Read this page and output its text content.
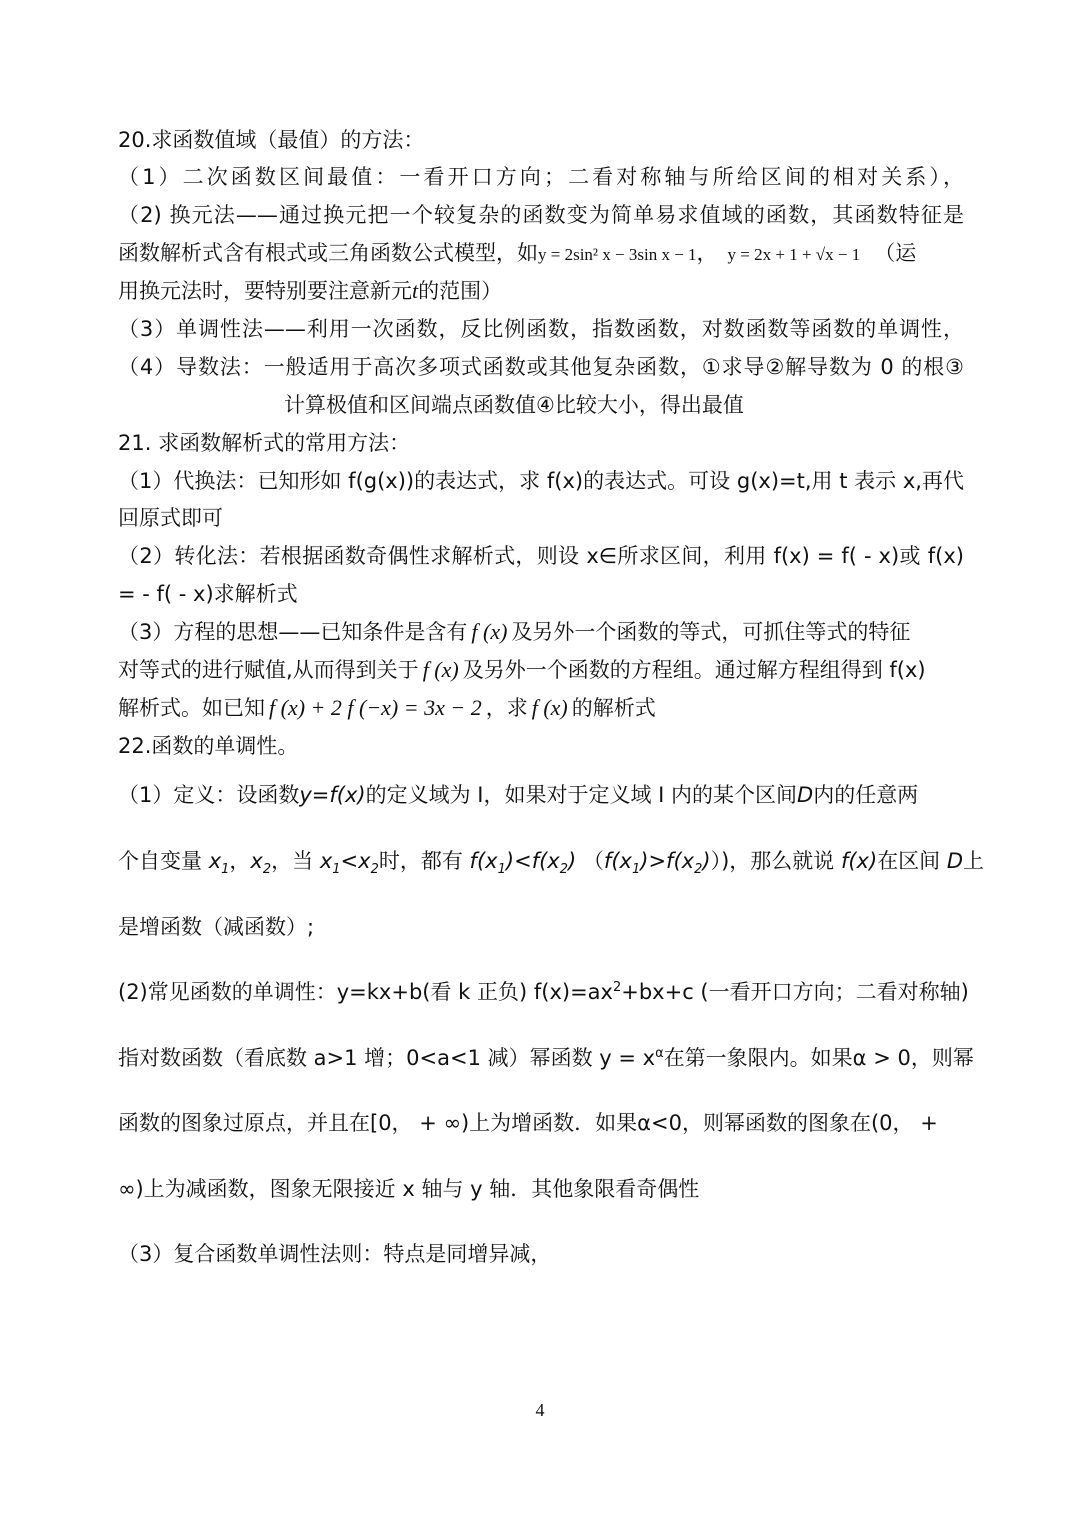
20.求函数值域（最值）的方法：
（1）二次函数区间最值：一看开口方向；二看对称轴与所给区间的相对关系），
（2) 换元法——通过换元把一个较复杂的函数变为简单易求值域的函数，其函数特征是
函数解析式含有根式或三角函数公式模型，如y = 2sin² x − 3sin x − 1， y = 2x + 1 + √x − 1 （运
用换元法时，要特别要注意新元t的范围）
（3）单调性法——利用一次函数，反比例函数，指数函数，对数函数等函数的单调性，
（4）导数法：一般适用于高次多项式函数或其他复杂函数，①求导②解导数为 0 的根③
计算极值和区间端点函数值④比较大小，得出最值
21. 求函数解析式的常用方法：
（1）代换法：已知形如 f(g(x))的表达式，求 f(x)的表达式。可设 g(x)=t,用 t 表示 x,再代
回原式即可
（2）转化法：若根据函数奇偶性求解析式，则设 x∈所求区间，利用 f(x) = f( - x)或 f(x)
= - f( - x)求解析式
（3）方程的思想——已知条件是含有 f (x) 及另外一个函数的等式，可抓住等式的特征
对等式的进行赋值,从而得到关于 f (x) 及另外一个函数的方程组。通过解方程组得到 f(x)
解析式。如已知 f (x) + 2 f (−x) = 3x − 2 ，求 f (x) 的解析式
22.函数的单调性。
（1）定义：设函数y=f(x)的定义域为 I，如果对于定义域 I 内的某个区间D内的任意两
个自变量 $x_1$，$x_2$，当 $x_1<x_2$时，都有 $f(x_1)<f(x_2)$ $(f(x_1)>f(x_2))$)，那么就说 f(x)在区间 D上
是增函数（减函数）;
(2)常见函数的单调性：y=kx+b(看 k 正负) $f(x)=ax^2+bx+c$ (一看开口方向；二看对称轴)
指对数函数（看底数 a>1 增；0<a<1 减）幂函数 $y = x^\alpha$在第一象限内。如果α > 0，则幂
函数的图象过原点，并且在[0， + ∞)上为增函数．如果α<0，则幂函数的图象在(0， +
∞)上为减函数，图象无限接近 x 轴与 y 轴．其他象限看奇偶性
（3）复合函数单调性法则：特点是同增异减，
4
